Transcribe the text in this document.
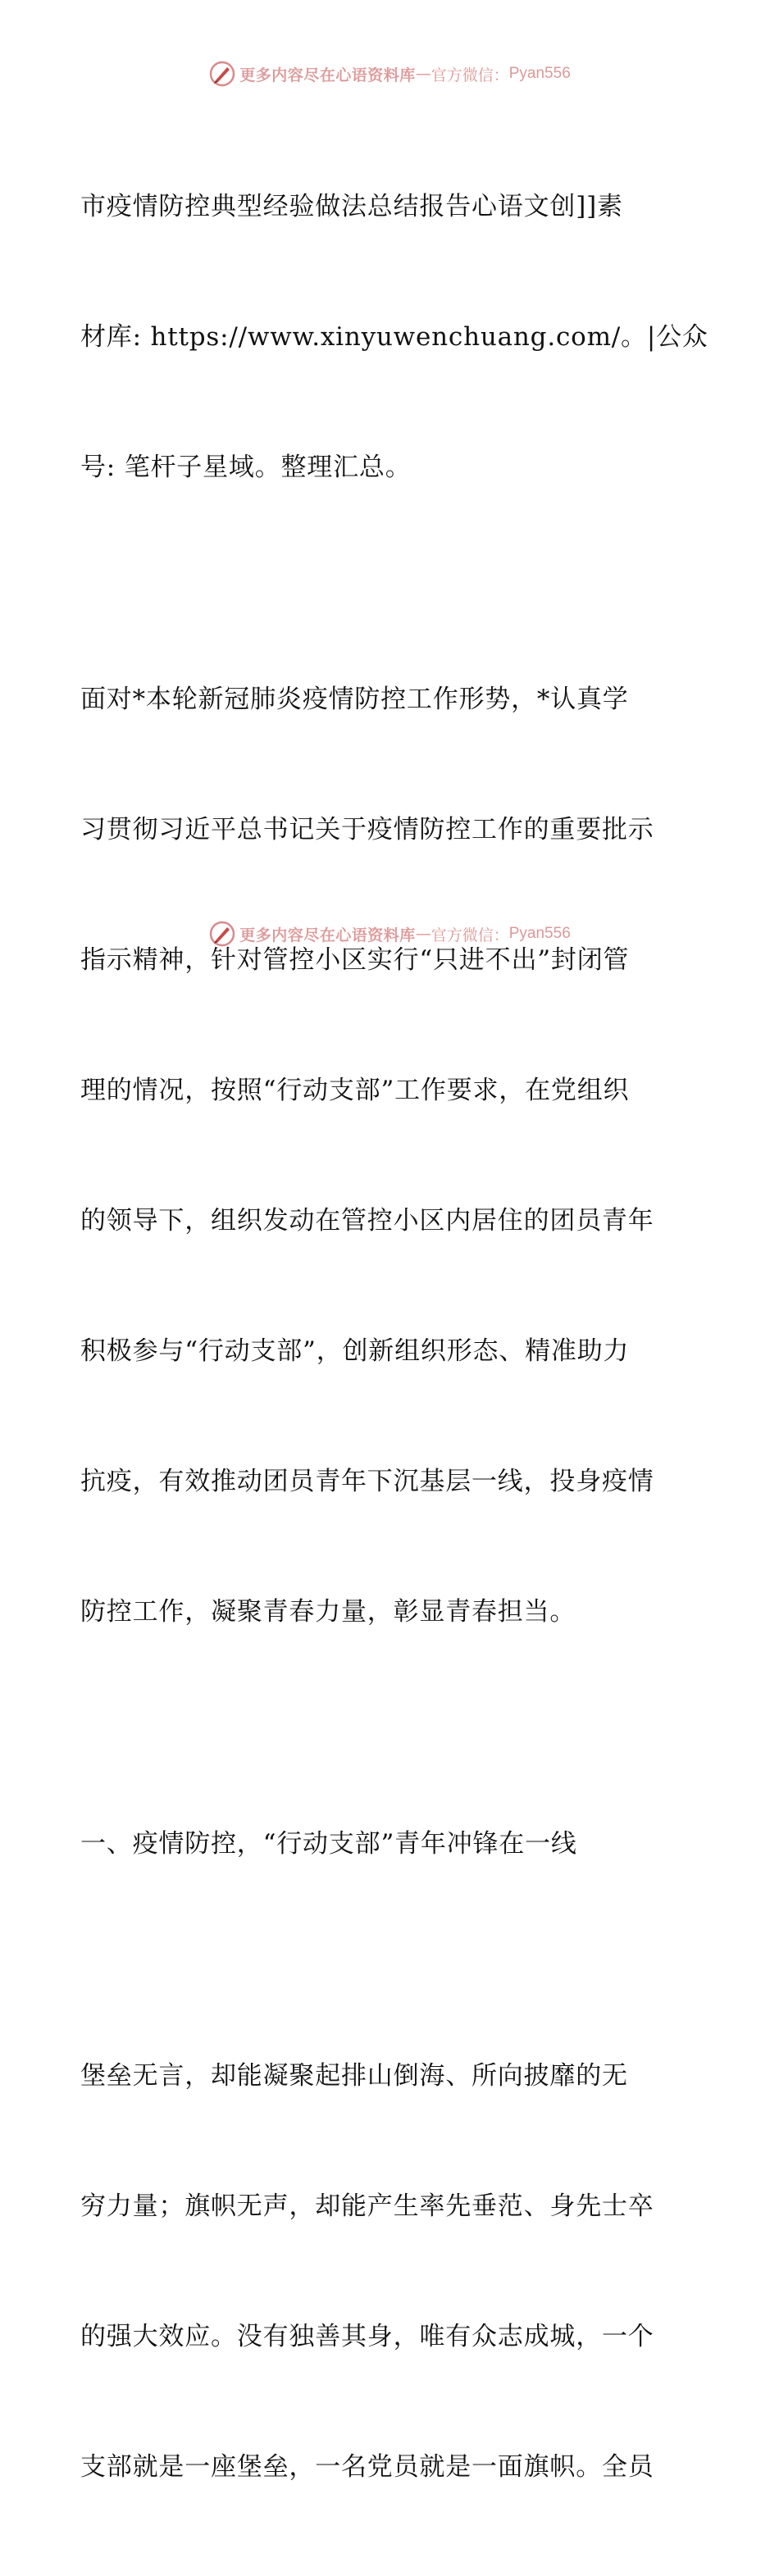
更多内容尽在心语资料库 — 官方微信： Pyan556

市疫情防控典型经验做法总结报告心语文创]]素

材库: https://www.xinyuwenchuang.com/。|公众

号: 笔杆子星域。整理汇总。

面对*本轮新冠肺炎疫情防控工作形势，*认真学

习贯彻习近平总书记关于疫情防控工作的重要批示

指示精神，针对管控小区实行“只进不出”封闭管

理的情况，按照“行动支部”工作要求，在党组织

的领导下，组织发动在管控小区内居住的团员青年

积极参与“行动支部”，创新组织形态、精准助力

抗疫，有效推动团员青年下沉基层一线，投身疫情

防控工作，凝聚青春力量，彰显青春担当。

一、疫情防控，“行动支部”青年冲锋在一线

堡垒无言，却能凝聚起排山倒海、所向披靡的无

穷力量；旗帜无声，却能产生率先垂范、身先士卒

的强大效应。没有独善其身，唯有众志成城，一个

支部就是一座堡垒，一名党员就是一面旗帜。全员

更多内容尽在心语资料库 — 官方微信： Pyan556
